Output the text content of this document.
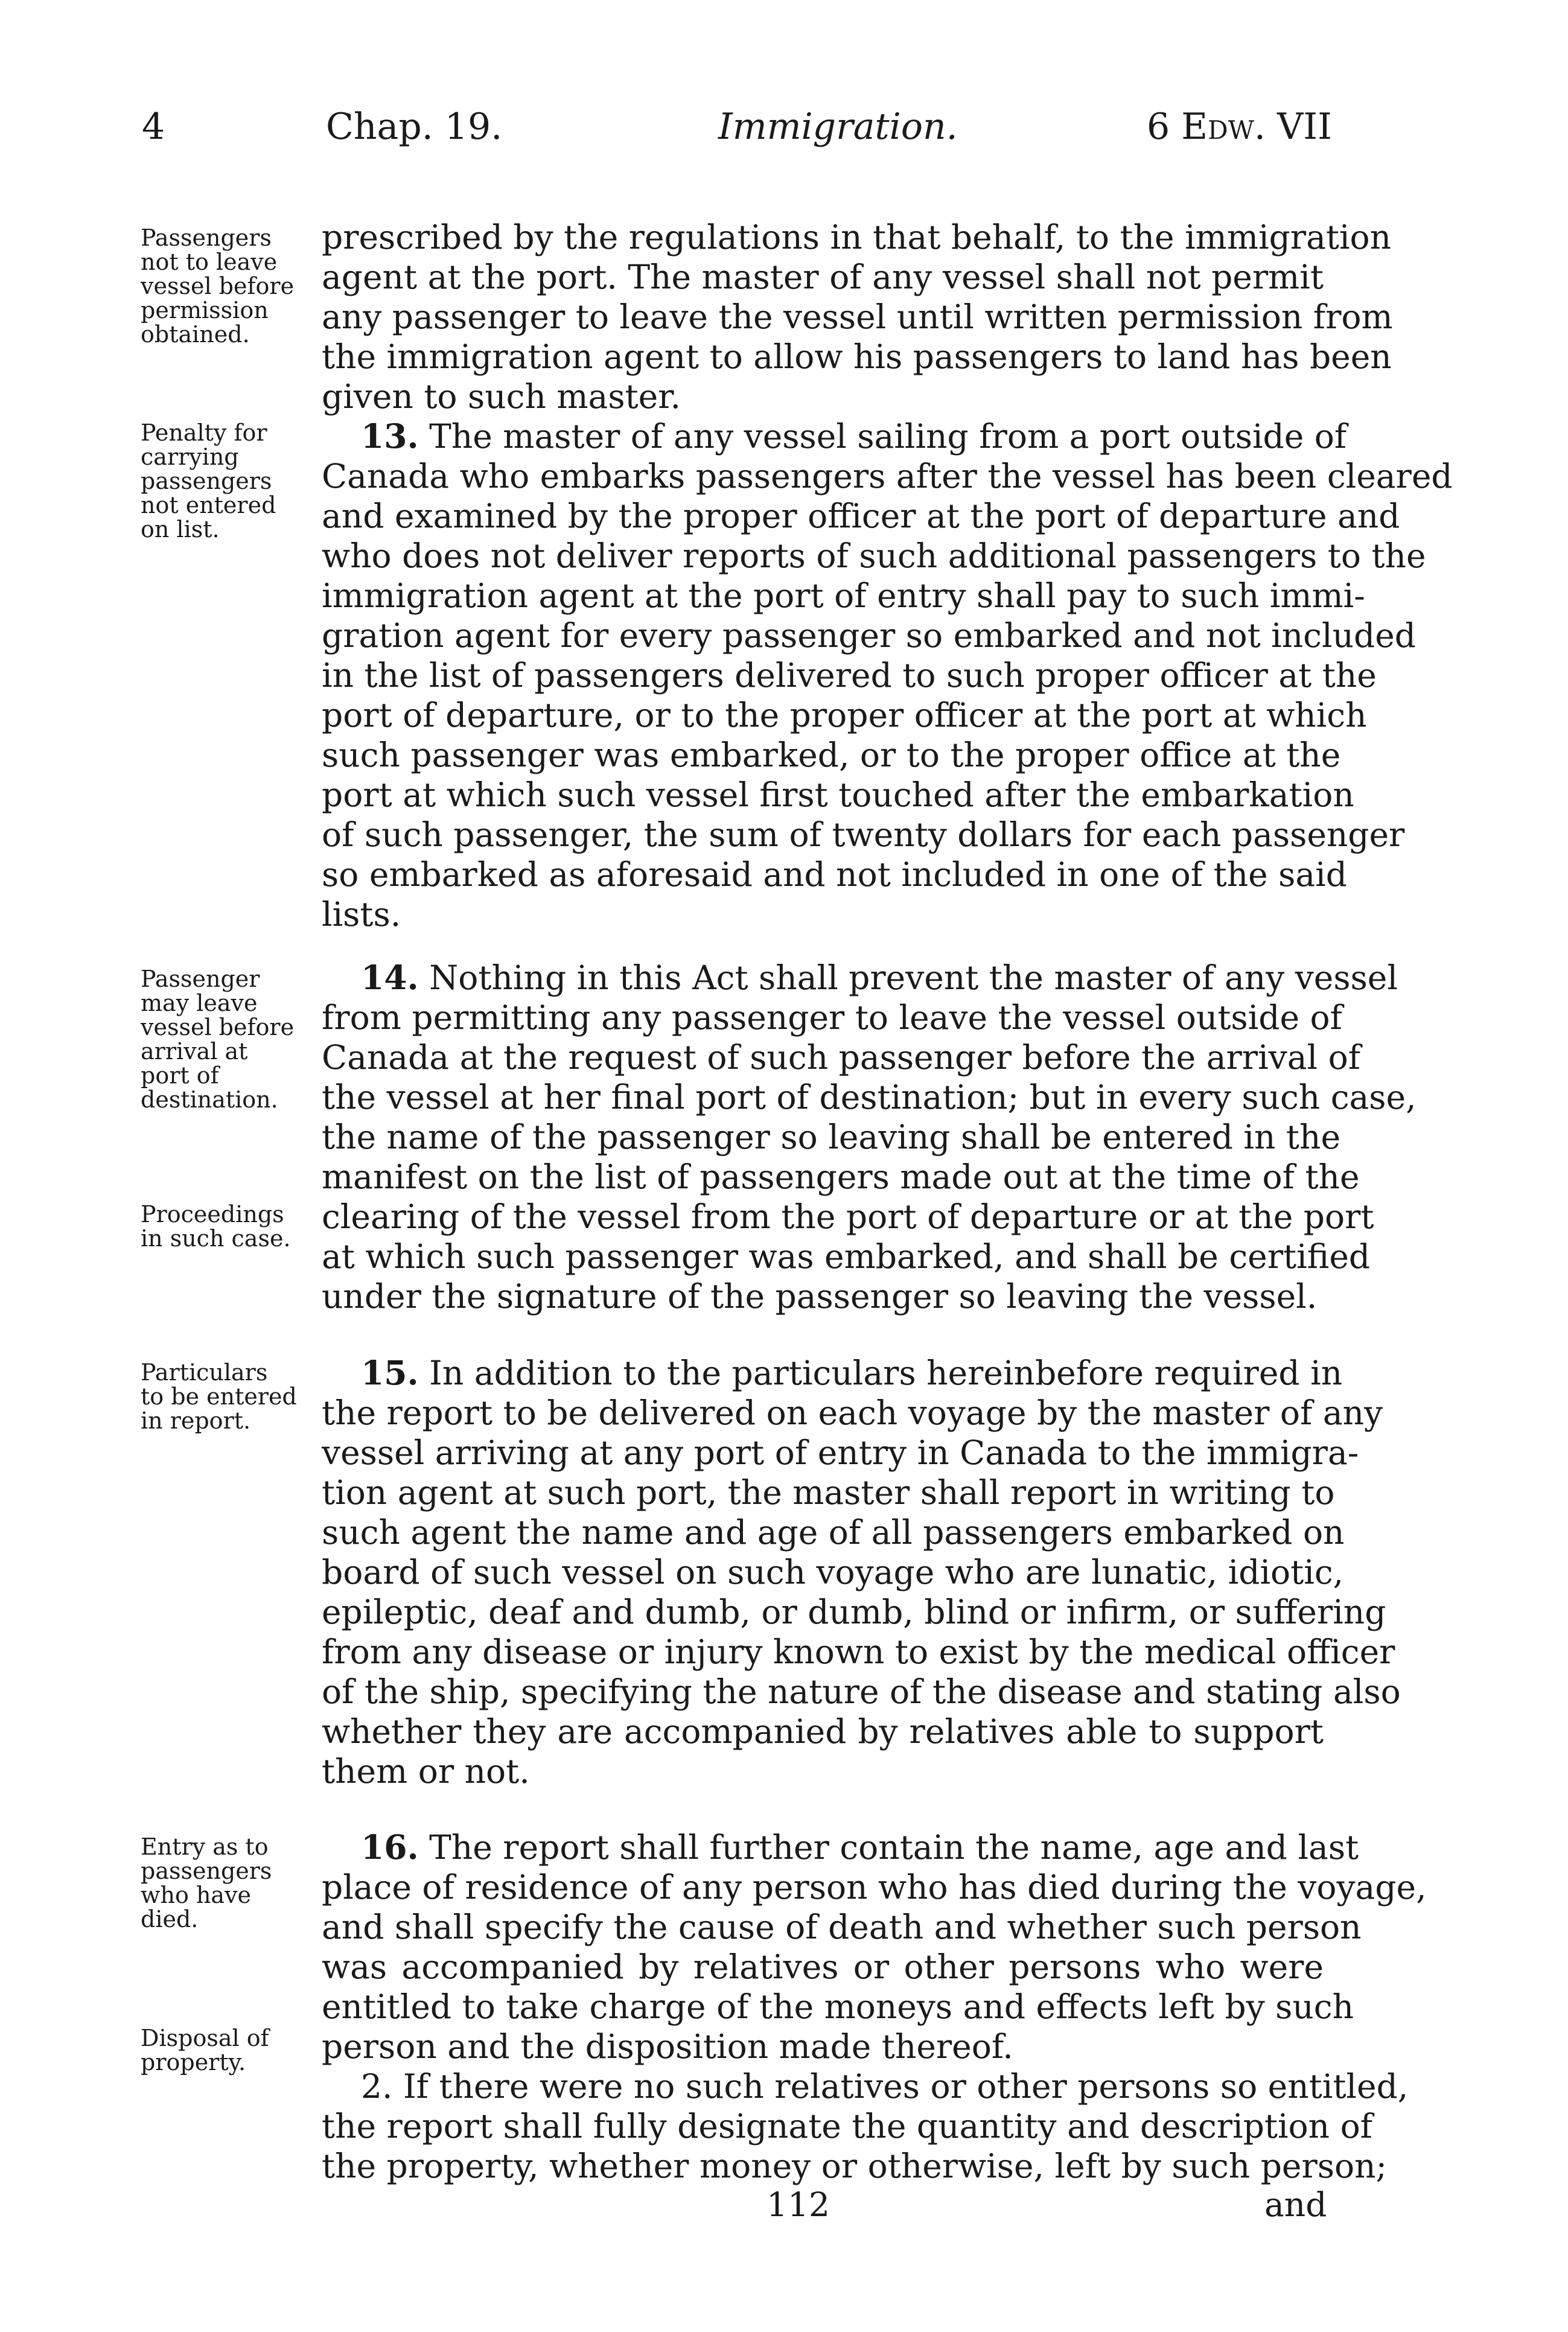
4	Chap. 19.	Immigration.	6 Edw. VII
Passengers
not to leave
vessel before
permission
obtained.
Penalty for
carrying
passengers
not entered
on list.
Passenger
may leave
vessel before
arrival at
port of
destination.
Proceedings
in such case.
Particulars
to be entered
in report.
Entry as to
passengers
who have
died.
Disposal of
property.
prescribed by the regulations in that behalf, to the immigration
agent at the port. The master of any vessel shall not permit
any passenger to leave the vessel until written permission from
the immigration agent to allow his passengers to land has been
given to such master.
13. The master of any vessel sailing from a port outside of
Canada who embarks passengers after the vessel has been cleared
and examined by the proper officer at the port of departure and
who does not deliver reports of such additional passengers to the
immigration agent at the port of entry shall pay to such immi-
gration agent for every passenger so embarked and not included
in the list of passengers delivered to such proper officer at the
port of departure, or to the proper officer at the port at which
such passenger was embarked, or to the proper office at the
port at which such vessel first touched after the embarkation
of such passenger, the sum of twenty dollars for each passenger
so embarked as aforesaid and not included in one of the said
lists.
14. Nothing in this Act shall prevent the master of any vessel
from permitting any passenger to leave the vessel outside of
Canada at the request of such passenger before the arrival of
the vessel at her final port of destination; but in every such case,
the name of the passenger so leaving shall be entered in the
manifest on the list of passengers made out at the time of the
clearing of the vessel from the port of departure or at the port
at which such passenger was embarked, and shall be certified
under the signature of the passenger so leaving the vessel.
15. In addition to the particulars hereinbefore required in
the report to be delivered on each voyage by the master of any
vessel arriving at any port of entry in Canada to the immigra-
tion agent at such port, the master shall report in writing to
such agent the name and age of all passengers embarked on
board of such vessel on such voyage who are lunatic, idiotic,
epileptic, deaf and dumb, or dumb, blind or infirm, or suffering
from any disease or injury known to exist by the medical officer
of the ship, specifying the nature of the disease and stating also
whether they are accompanied by relatives able to support
them or not.
16. The report shall further contain the name, age and last
place of residence of any person who has died during the voyage,
and shall specify the cause of death and whether such person
was accompanied by relatives or other persons who were
entitled to take charge of the moneys and effects left by such
person and the disposition made thereof.
2. If there were no such relatives or other persons so entitled,
the report shall fully designate the quantity and description of
the property, whether money or otherwise, left by such person;
112	and
